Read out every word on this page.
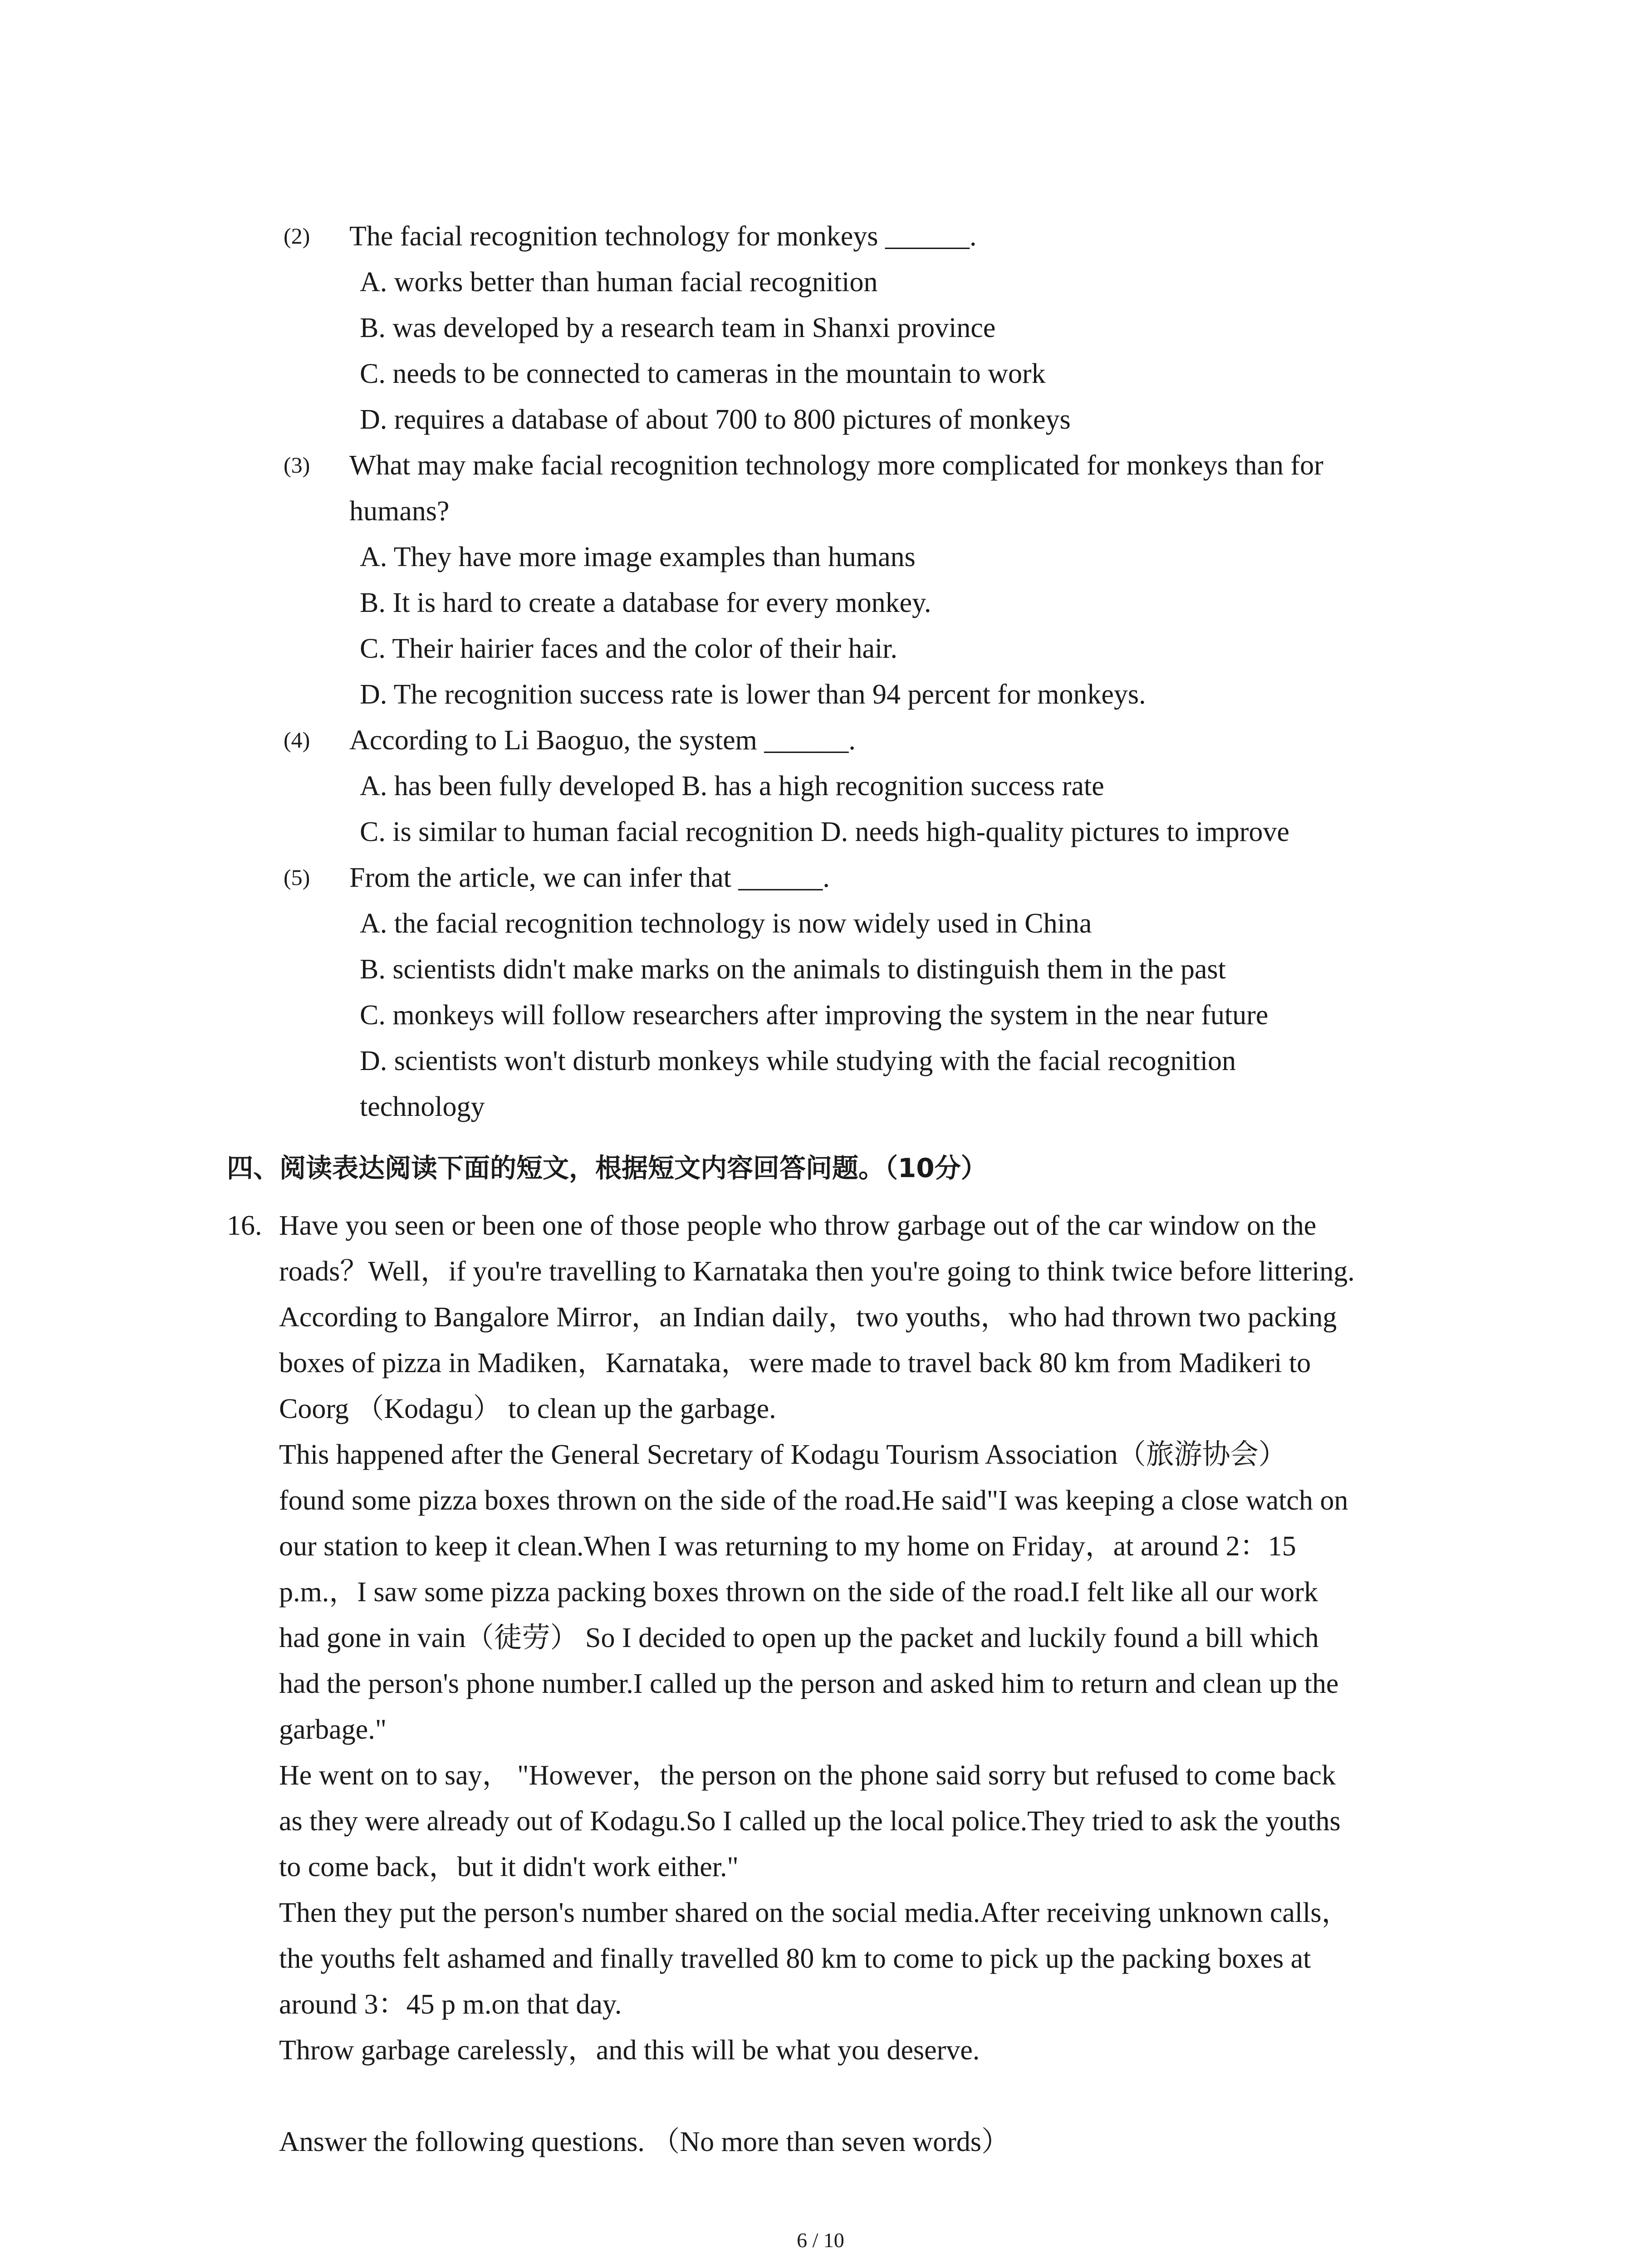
(2) The facial recognition technology for monkeys ______.
A. works better than human facial recognition
B. was developed by a research team in Shanxi province
C. needs to be connected to cameras in the mountain to work
D. requires a database of about 700 to 800 pictures of monkeys
(3) What may make facial recognition technology more complicated for monkeys than for
humans?
A. They have more image examples than humans
B. It is hard to create a database for every monkey.
C. Their hairier faces and the color of their hair.
D. The recognition success rate is lower than 94 percent for monkeys.
(4) According to Li Baoguo, the system ______.
A. has been fully developed B. has a high recognition success rate
C. is similar to human facial recognition D. needs high-quality pictures to improve
(5) From the article, we can infer that ______.
A. the facial recognition technology is now widely used in China
B. scientists didn't make marks on the animals to distinguish them in the past
C. monkeys will follow researchers after improving the system in the near future
D. scientists won't disturb monkeys while studying with the facial recognition
technology
四、阅读表达阅读下面的短文，根据短文内容回答问题。（10分）
16. Have you seen or been one of those people who throw garbage out of the car window on the
roads？Well，if you're travelling to Karnataka then you're going to think twice before littering.
According to Bangalore Mirror，an Indian daily，two youths，who had thrown two packing
boxes of pizza in Madiken，Karnataka，were made to travel back 80 km from Madikeri to
Coorg （Kodagu） to clean up the garbage.
This happened after the General Secretary of Kodagu Tourism Association（旅游协会）
found some pizza boxes thrown on the side of the road.He said"I was keeping a close watch on
our station to keep it clean.When I was returning to my home on Friday，at around 2：15
p.m.，I saw some pizza packing boxes thrown on the side of the road.I felt like all our work
had gone in vain（徒劳） So I decided to open up the packet and luckily found a bill which
had the person's phone number.I called up the person and asked him to return and clean up the
garbage."
He went on to say， "However，the person on the phone said sorry but refused to come back
as they were already out of Kodagu.So I called up the local police.They tried to ask the youths
to come back，but it didn't work either."
Then they put the person's number shared on the social media.After receiving unknown calls，
the youths felt ashamed and finally travelled 80 km to come to pick up the packing boxes at
around 3：45 p m.on that day.
Throw garbage carelessly，and this will be what you deserve.
Answer the following questions. （No more than seven words）
6 / 10
